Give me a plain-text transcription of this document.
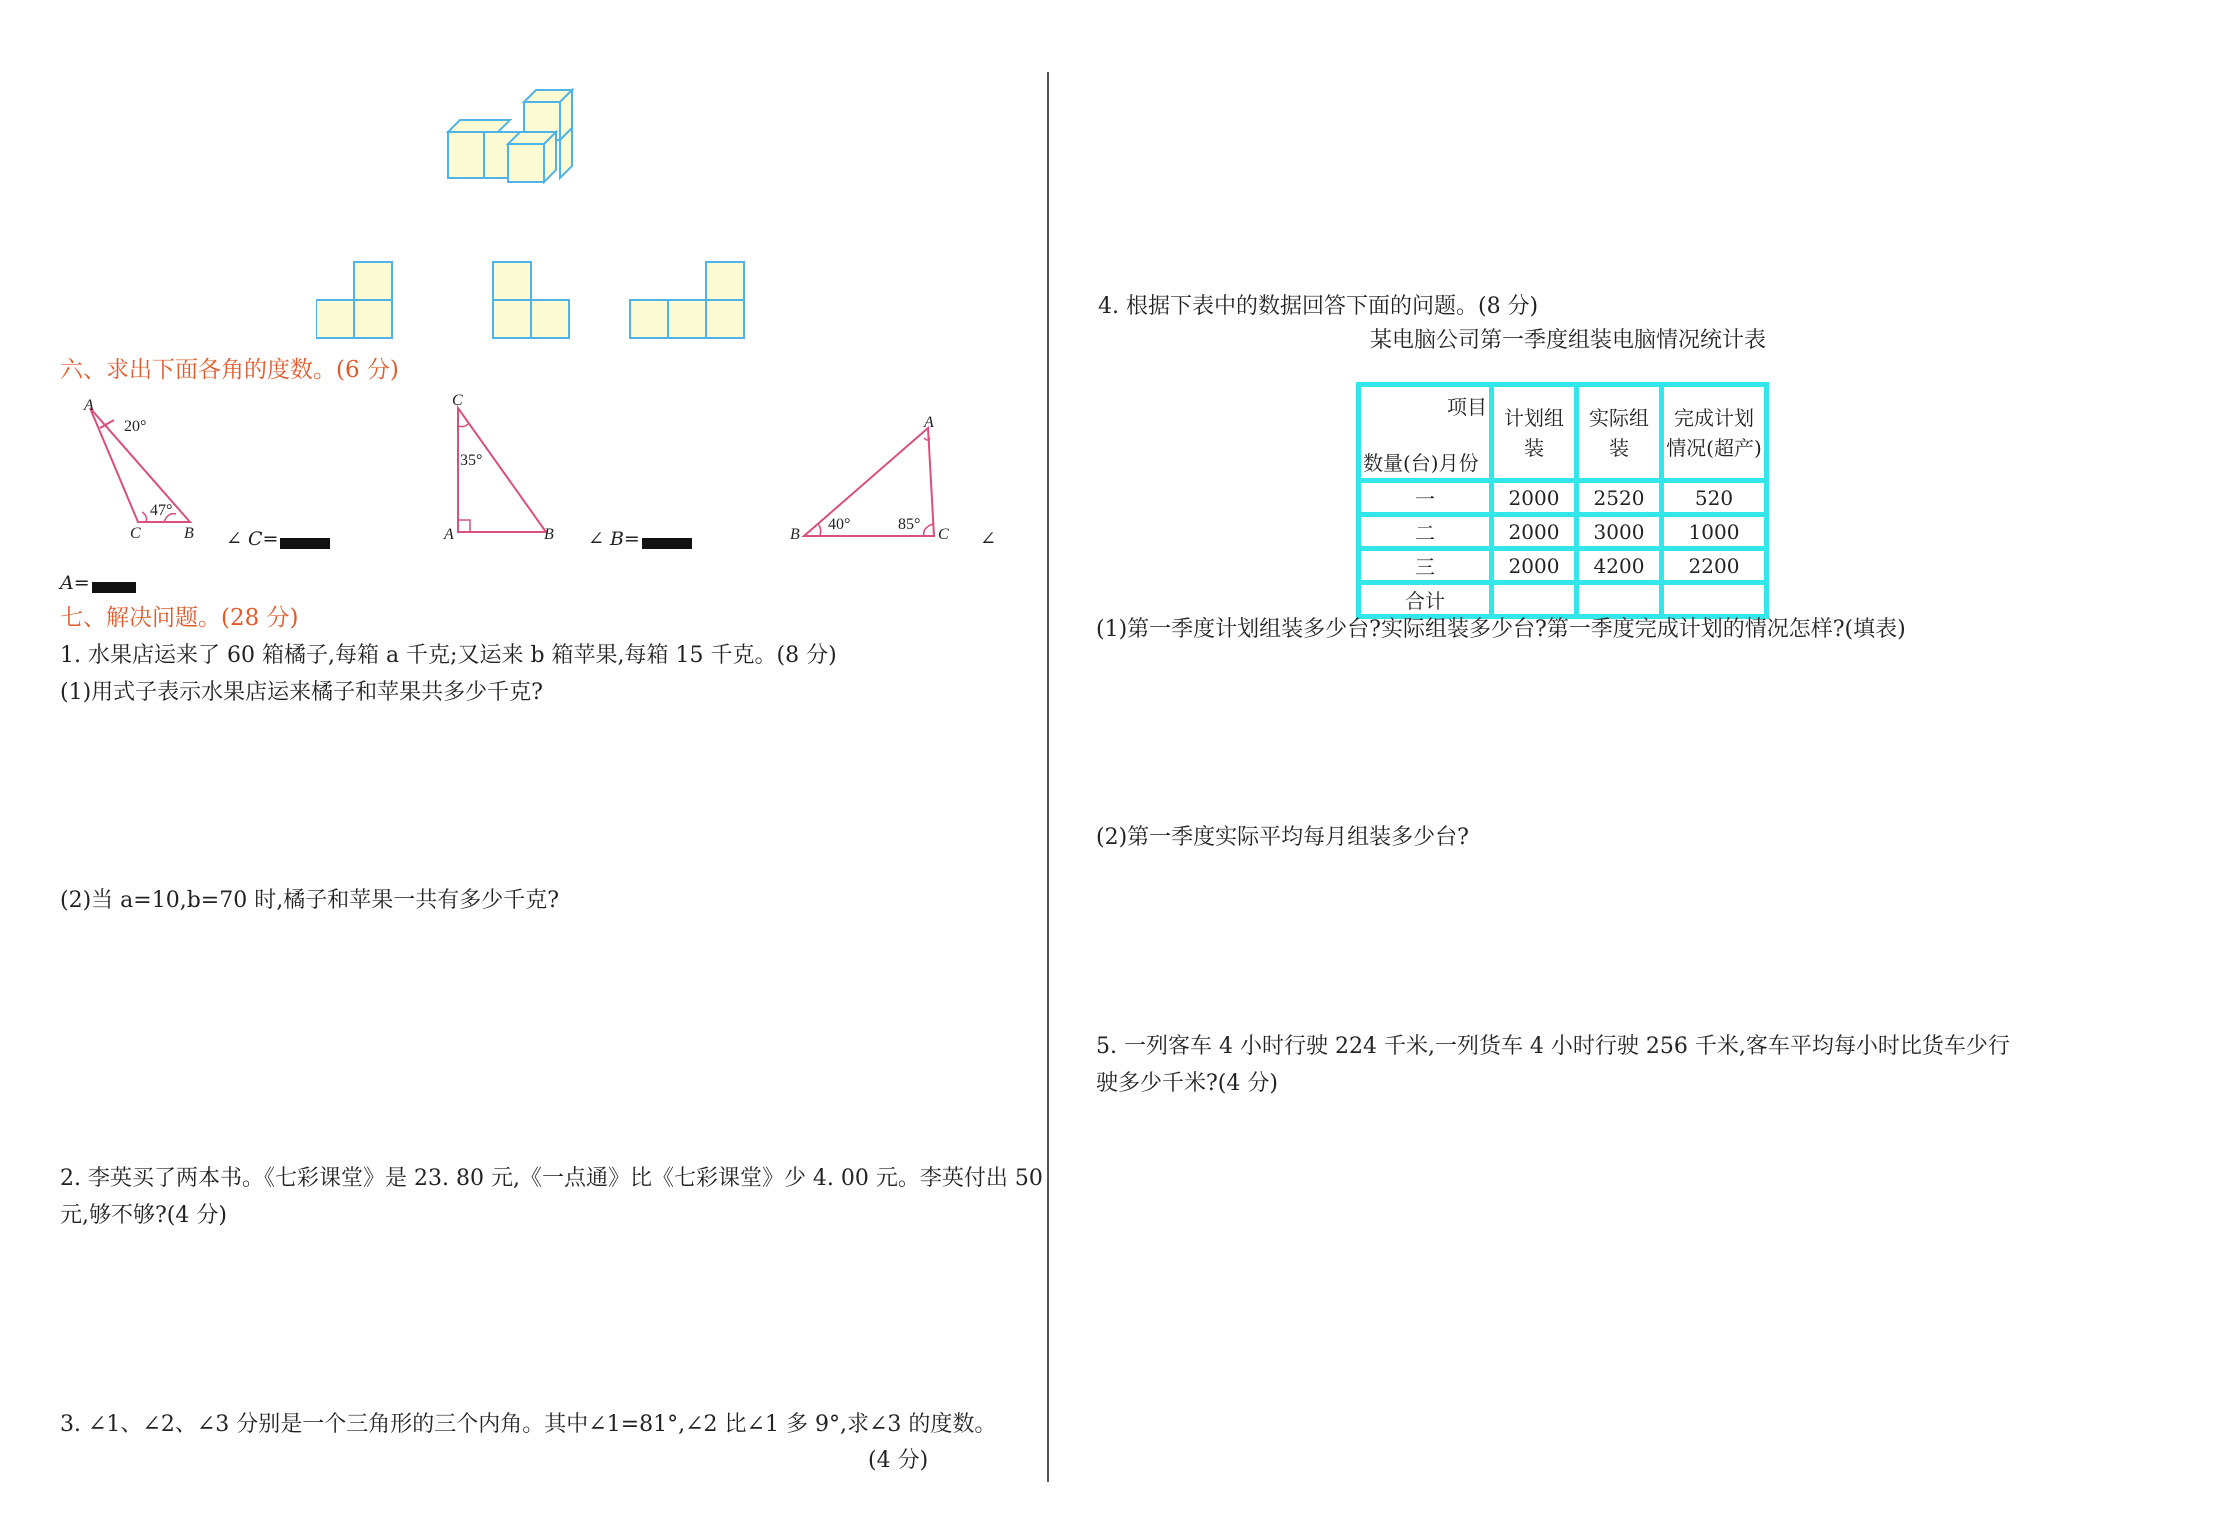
六、求出下面各角的度数。(6 分)
A
C	B
20°
47°
∠ C=
C
A	B
35°
∠ B=
A
B	C
40°	85°
∠
A=
七、解决问题。(28 分)
1. 水果店运来了 60 箱橘子,每箱 a 千克;又运来 b 箱苹果,每箱 15 千克。(8 分)
(1)用式子表示水果店运来橘子和苹果共多少千克?
(2)当 a=10,b=70 时,橘子和苹果一共有多少千克?
2. 李英买了两本书。《七彩课堂》是 23. 80 元,《一点通》比《七彩课堂》少 4. 00 元。李英付出 50
元,够不够?(4 分)
3. ∠1、∠2、∠3 分别是一个三角形的三个内角。其中∠1=81°,∠2 比∠1 多 9°,求∠3 的度数。
(4 分)
4. 根据下表中的数据回答下面的问题。(8 分)
某电脑公司第一季度组装电脑情况统计表
项目
数量(台)月份	计划组装	实际组装	完成计划情况(超产)

一	2000	2520	520
二	2000	3000	1000
三	2000	4200	2200
合计			
(1)第一季度计划组装多少台?实际组装多少台?第一季度完成计划的情况怎样?(填表)
(2)第一季度实际平均每月组装多少台?
5. 一列客车 4 小时行驶 224 千米,一列货车 4 小时行驶 256 千米,客车平均每小时比货车少行
驶多少千米?(4 分)
